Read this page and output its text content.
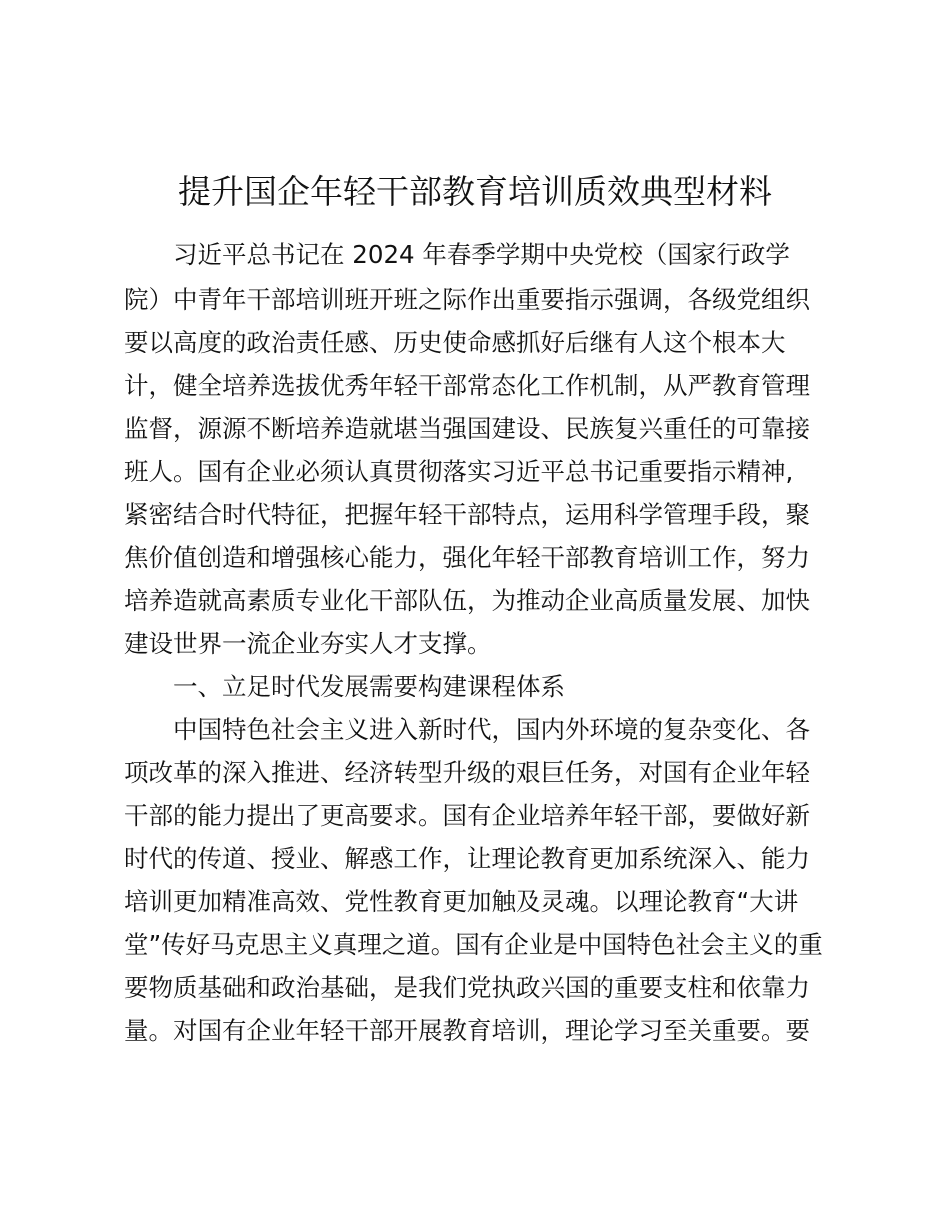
提升国企年轻干部教育培训质效典型材料

习近平总书记在 2024 年春季学期中央党校（国家行政学

院）中青年干部培训班开班之际作出重要指示强调，各级党组织

要以高度的政治责任感、历史使命感抓好后继有人这个根本大

计，健全培养选拔优秀年轻干部常态化工作机制，从严教育管理

监督，源源不断培养造就堪当强国建设、民族复兴重任的可靠接

班人。国有企业必须认真贯彻落实习近平总书记重要指示精神,

紧密结合时代特征，把握年轻干部特点，运用科学管理手段，聚

焦价值创造和增强核心能力，强化年轻干部教育培训工作，努力

培养造就高素质专业化干部队伍，为推动企业高质量发展、加快

建设世界一流企业夯实人才支撑。

一、立足时代发展需要构建课程体系

中国特色社会主义进入新时代，国内外环境的复杂变化、各

项改革的深入推进、经济转型升级的艰巨任务，对国有企业年轻

干部的能力提出了更高要求。国有企业培养年轻干部，要做好新

时代的传道、授业、解惑工作，让理论教育更加系统深入、能力

培训更加精准高效、党性教育更加触及灵魂。以理论教育“大讲

堂”传好马克思主义真理之道。国有企业是中国特色社会主义的重

要物质基础和政治基础，是我们党执政兴国的重要支柱和依靠力

量。对国有企业年轻干部开展教育培训，理论学习至关重要。要
